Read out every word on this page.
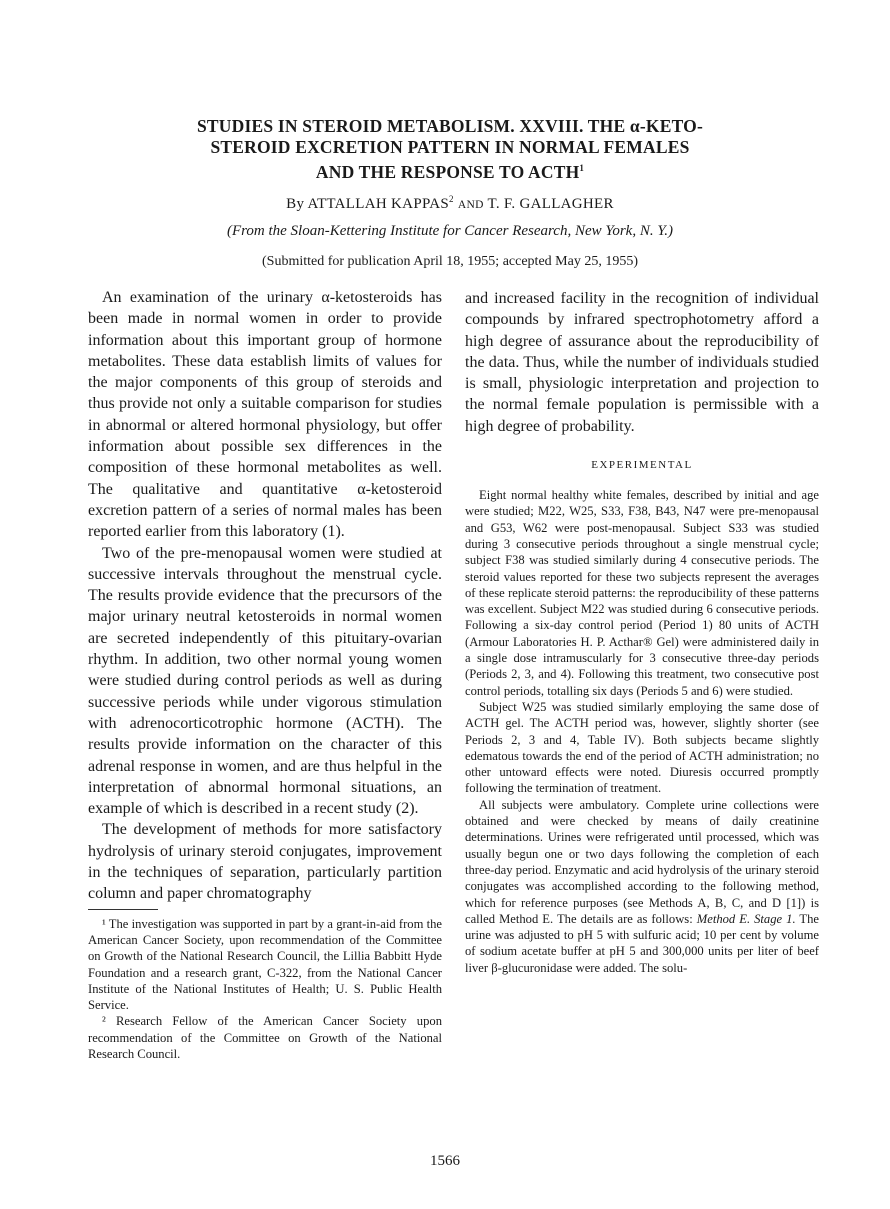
STUDIES IN STEROID METABOLISM. XXVIII. THE α-KETO-
STEROID EXCRETION PATTERN IN NORMAL FEMALES
AND THE RESPONSE TO ACTH$^1$
By ATTALLAH KAPPAS$^2$ AND T. F. GALLAGHER
(From the Sloan-Kettering Institute for Cancer Research, New York, N. Y.)
(Submitted for publication April 18, 1955; accepted May 25, 1955)

An examination of the urinary α-ketosteroids has been made in normal women in order to provide information about this important group of hormone metabolites. These data establish limits of values for the major components of this group of steroids and thus provide not only a suitable comparison for studies in abnormal or altered hormonal physiology, but offer information about possible sex differences in the composition of these hormonal metabolites as well. The qualitative and quantitative α-ketosteroid excretion pattern of a series of normal males has been reported earlier from this laboratory (1).

Two of the pre-menopausal women were studied at successive intervals throughout the menstrual cycle. The results provide evidence that the precursors of the major urinary neutral ketosteroids in normal women are secreted independently of this pituitary-ovarian rhythm. In addition, two other normal young women were studied during control periods as well as during successive periods while under vigorous stimulation with adrenocorticotrophic hormone (ACTH). The results provide information on the character of this adrenal response in women, and are thus helpful in the interpretation of abnormal hormonal situations, an example of which is described in a recent study (2).

The development of methods for more satisfactory hydrolysis of urinary steroid conjugates, improvement in the techniques of separation, particularly partition column and paper chromatography

¹ The investigation was supported in part by a grant-in-aid from the American Cancer Society, upon recommendation of the Committee on Growth of the National Research Council, the Lillia Babbitt Hyde Foundation and a research grant, C-322, from the National Cancer Institute of the National Institutes of Health; U. S. Public Health Service.

² Research Fellow of the American Cancer Society upon recommendation of the Committee on Growth of the National Research Council.

and increased facility in the recognition of individual compounds by infrared spectrophotometry afford a high degree of assurance about the reproducibility of the data. Thus, while the number of individuals studied is small, physiologic interpretation and projection to the normal female population is permissible with a high degree of probability.

EXPERIMENTAL

Eight normal healthy white females, described by initial and age were studied; M22, W25, S33, F38, B43, N47 were pre-menopausal and G53, W62 were post-menopausal. Subject S33 was studied during 3 consecutive periods throughout a single menstrual cycle; subject F38 was studied similarly during 4 consecutive periods. The steroid values reported for these two subjects represent the averages of these replicate steroid patterns: the reproducibility of these patterns was excellent. Subject M22 was studied during 6 consecutive periods. Following a six-day control period (Period 1) 80 units of ACTH (Armour Laboratories H. P. Acthar® Gel) were administered daily in a single dose intramuscularly for 3 consecutive three-day periods (Periods 2, 3, and 4). Following this treatment, two consecutive post control periods, totalling six days (Periods 5 and 6) were studied.

Subject W25 was studied similarly employing the same dose of ACTH gel. The ACTH period was, however, slightly shorter (see Periods 2, 3 and 4, Table IV). Both subjects became slightly edematous towards the end of the period of ACTH administration; no other untoward effects were noted. Diuresis occurred promptly following the termination of treatment.

All subjects were ambulatory. Complete urine collections were obtained and were checked by means of daily creatinine determinations. Urines were refrigerated until processed, which was usually begun one or two days following the completion of each three-day period. Enzymatic and acid hydrolysis of the urinary steroid conjugates was accomplished according to the following method, which for reference purposes (see Methods A, B, C, and D [1]) is called Method E. The details are as follows: Method E. Stage 1. The urine was adjusted to pH 5 with sulfuric acid; 10 per cent by volume of sodium acetate buffer at pH 5 and 300,000 units per liter of beef liver β-glucuronidase were added. The solu-

1566
